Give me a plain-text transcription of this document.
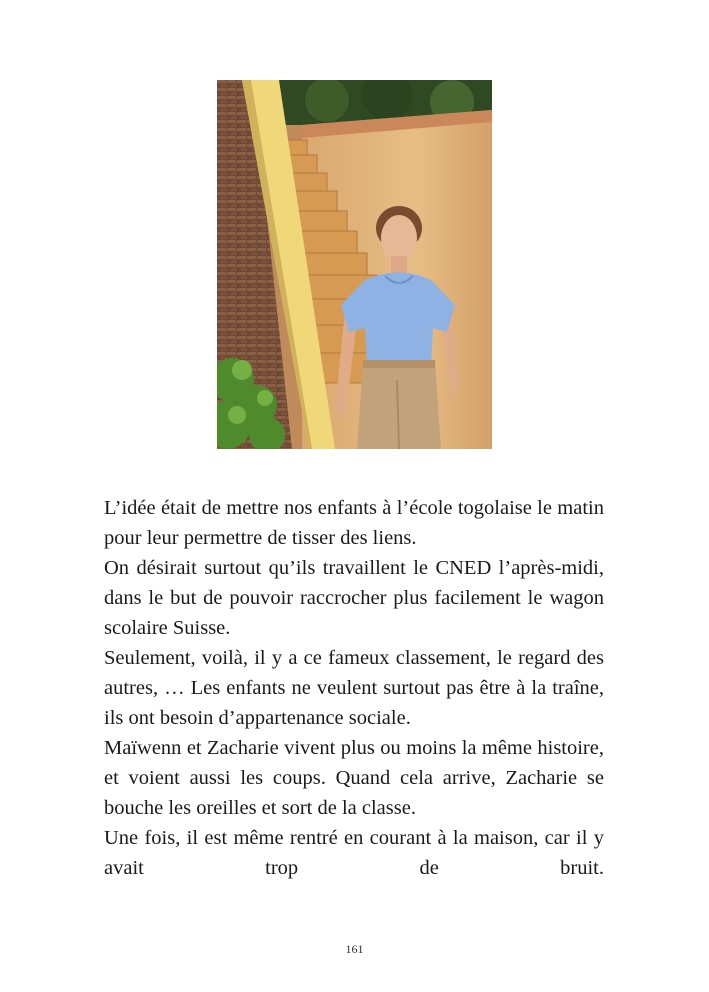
L’idée était de mettre nos enfants à l’école togolaise le matin pour leur permettre de tisser des liens.

On désirait surtout qu’ils travaillent le CNED l’après-midi, dans le but de pouvoir raccrocher plus facilement le wagon scolaire Suisse.

Seulement, voilà, il y a ce fameux classement, le regard des autres, … Les enfants ne veulent surtout pas être à la traîne, ils ont besoin d’appartenance sociale.

Maïwenn et Zacharie vivent plus ou moins la même histoire, et voient aussi les coups. Quand cela arrive, Zacharie se bouche les oreilles et sort de la classe.

Une fois, il est même rentré en courant à la maison, car il y avait trop de bruit.

161
